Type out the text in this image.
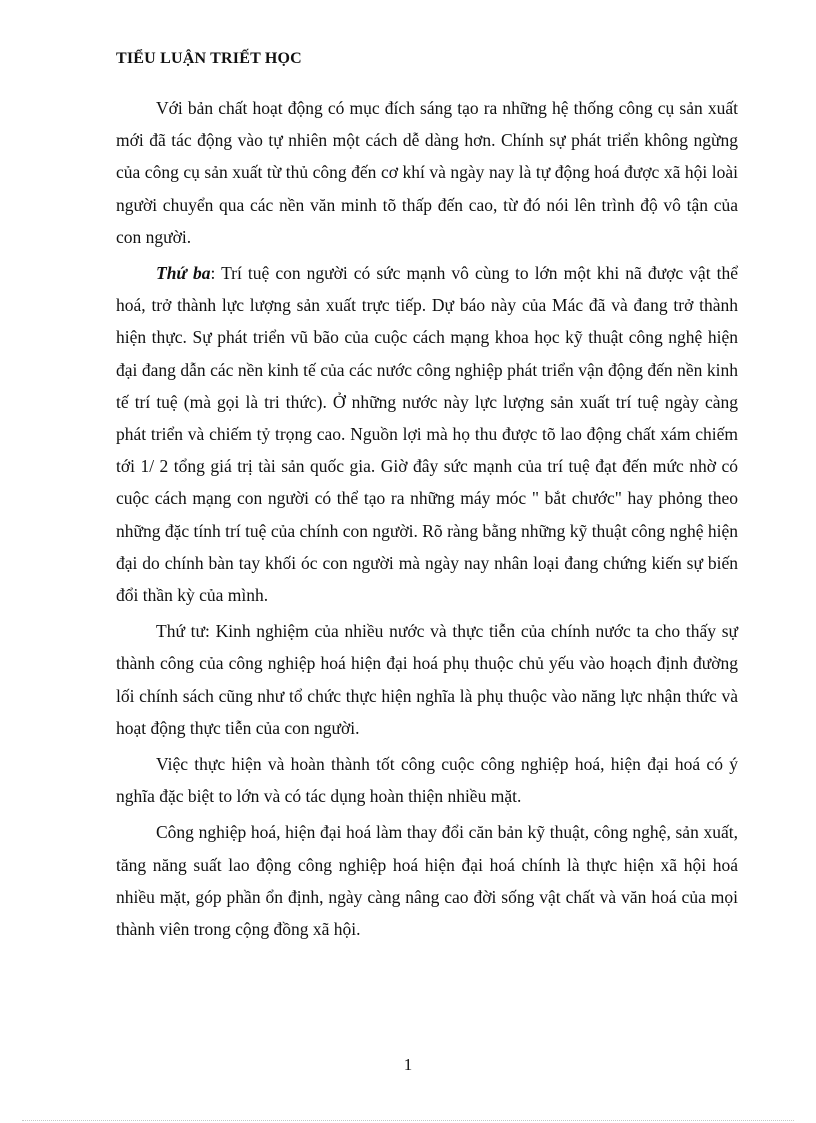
TIỂU LUẬN TRIẾT HỌC

Với bản chất hoạt động có mục đích sáng tạo ra những hệ thống công cụ sản xuất mới đã tác động vào tự nhiên một cách dễ dàng hơn. Chính sự phát triển không ngừng của công cụ sản xuất từ thủ công đến cơ khí và ngày nay là tự động hoá được xã hội loài người chuyển qua các nền văn minh tõ thấp đến cao, từ đó nói lên trình độ vô tận của con người.

Thứ ba: Trí tuệ con người có sức mạnh vô cùng to lớn một khi nã được vật thể hoá, trở thành lực lượng sản xuất trực tiếp. Dự báo này của Mác đã và đang trở thành hiện thực. Sự phát triển vũ bão của cuộc cách mạng khoa học kỹ thuật công nghệ hiện đại đang dẫn các nền kinh tế của các nước công nghiệp phát triển vận động đến nền kinh tế trí tuệ (mà gọi là tri thức). Ở những nước này lực lượng sản xuất trí tuệ ngày càng phát triển và chiếm tỷ trọng cao. Nguồn lợi mà họ thu được tõ lao động chất xám chiếm tới 1/ 2 tổng giá trị tài sản quốc gia. Giờ đây sức mạnh của trí tuệ đạt đến mức nhờ có cuộc cách mạng con người có thể tạo ra những máy móc " bắt chước" hay phỏng theo những đặc tính trí tuệ của chính con người. Rõ ràng bằng những kỹ thuật công nghệ hiện đại do chính bàn tay khối óc con người mà ngày nay nhân loại đang chứng kiến sự biến đổi thần kỳ của mình.

Thứ tư: Kinh nghiệm của nhiều nước và thực tiễn của chính nước ta cho thấy sự thành công của công nghiệp hoá hiện đại hoá phụ thuộc chủ yếu vào hoạch định đường lối chính sách cũng như tổ chức thực hiện nghĩa là phụ thuộc vào năng lực nhận thức và hoạt động thực tiễn của con người.

Việc thực hiện và hoàn thành tốt công cuộc công nghiệp hoá, hiện đại hoá có ý nghĩa đặc biệt to lớn và có tác dụng hoàn thiện nhiều mặt.

Công nghiệp hoá, hiện đại hoá làm thay đổi căn bản kỹ thuật, công nghệ, sản xuất, tăng năng suất lao động công nghiệp hoá hiện đại hoá chính là thực hiện xã hội hoá nhiều mặt, góp phần ổn định, ngày càng nâng cao đời sống vật chất và văn hoá của mọi thành viên trong cộng đồng xã hội.

1
